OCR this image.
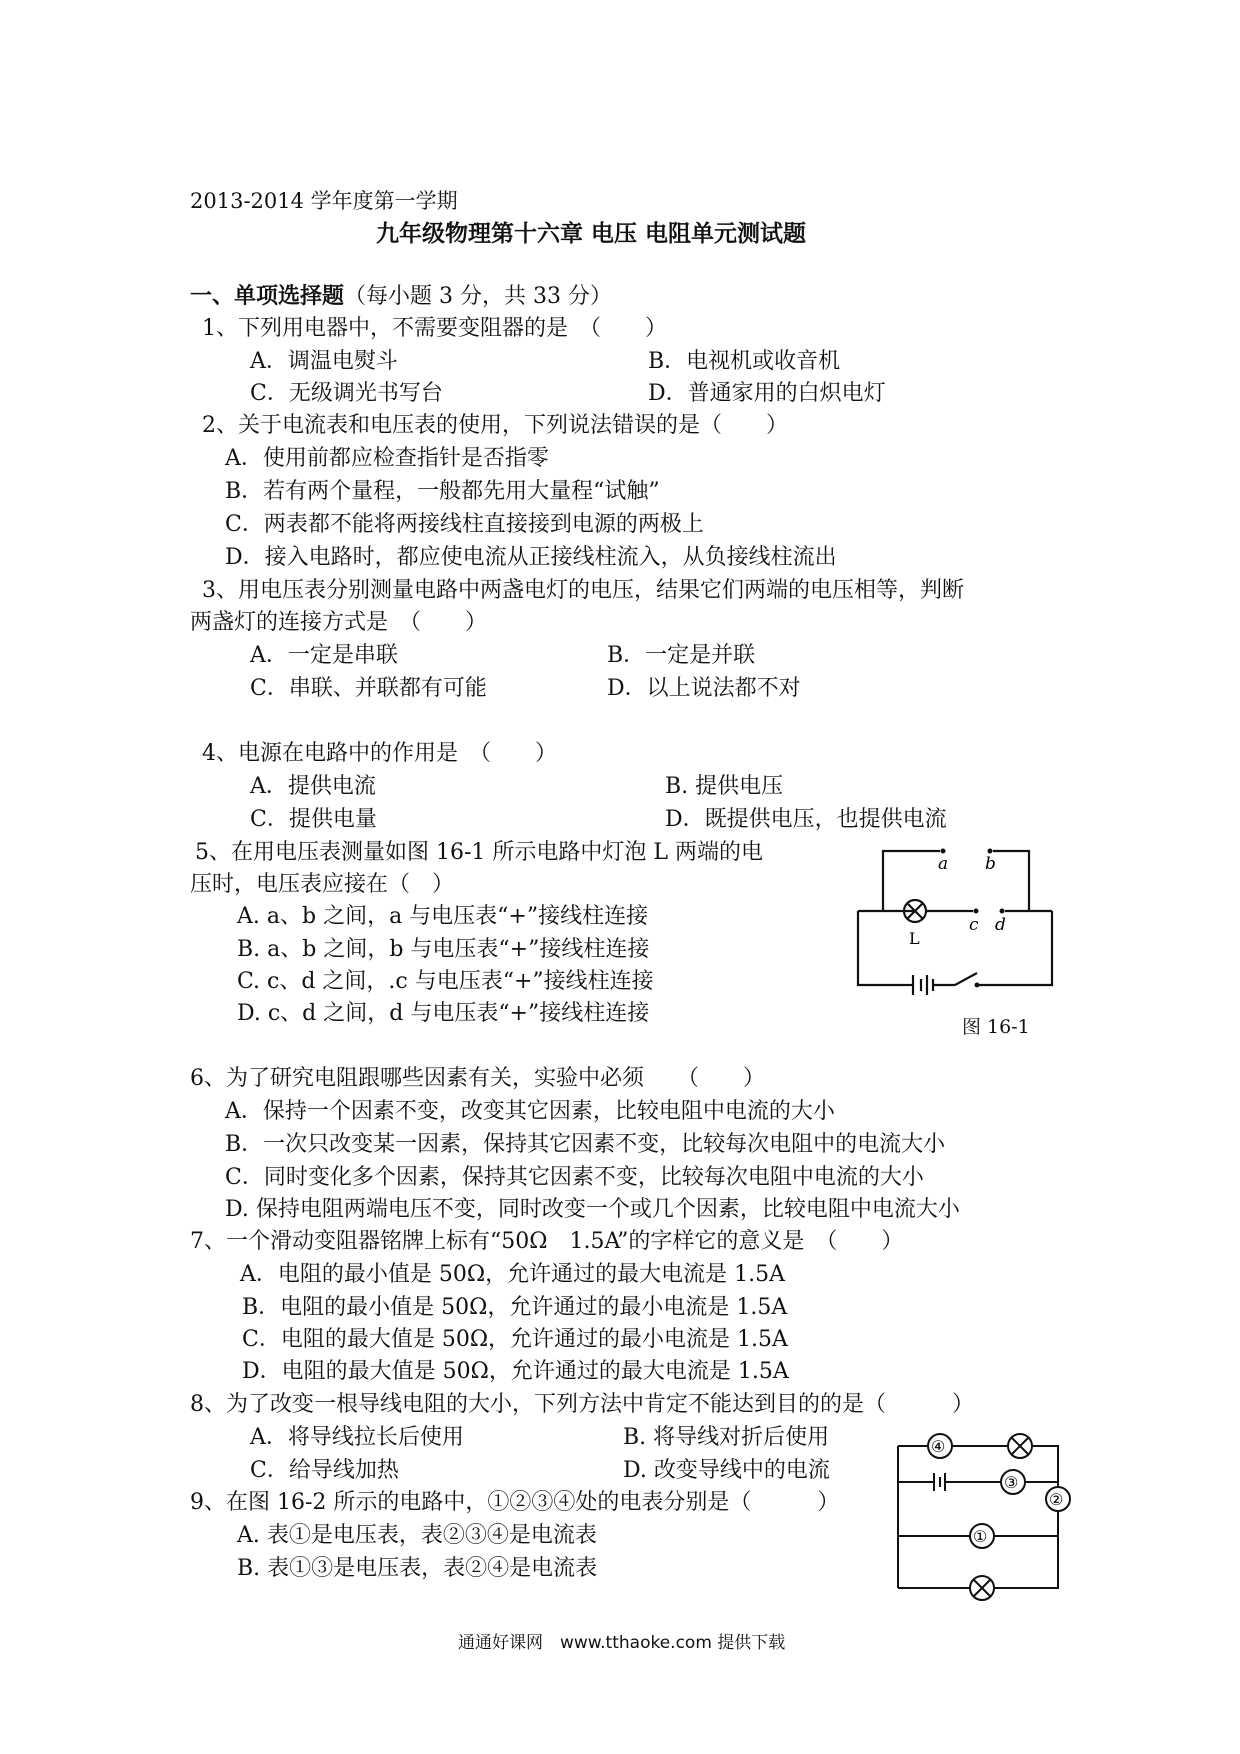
2013-2014 学年度第一学期
九年级物理第十六章 电压 电阻单元测试题
一、单项选择题（每小题 3 分，共 33 分）
1、下列用电器中，不需要变阻器的是　（　　）
A．调温电熨斗	B．电视机或收音机
C．无级调光书写台	D．普通家用的白炽电灯
2、关于电流表和电压表的使用，下列说法错误的是（　　）
A．使用前都应检查指针是否指零
B．若有两个量程，一般都先用大量程“试触”
C．两表都不能将两接线柱直接接到电源的两极上
D．接入电路时，都应使电流从正接线柱流入，从负接线柱流出
3、用电压表分别测量电路中两盏电灯的电压，结果它们两端的电压相等，判断
两盏灯的连接方式是　（　　）
A．一定是串联	B．一定是并联
C．串联、并联都有可能	D．以上说法都不对
4、电源在电路中的作用是　（　　）
A．提供电流	B. 提供电压
C．提供电量	D．既提供电压，也提供电流
5、在用电压表测量如图 16-1 所示电路中灯泡 L 两端的电
压时，电压表应接在（　）
A. a、b 之间，a 与电压表“+”接线柱连接
B. a、b 之间，b 与电压表“+”接线柱连接
C. c、d 之间，.c 与电压表“+”接线柱连接
D. c、d 之间，d 与电压表“+”接线柱连接
a b
c d
L
图 16-1
6、为了研究电阻跟哪些因素有关，实验中必须　　（　　）
A．保持一个因素不变，改变其它因素，比较电阻中电流的大小
B．一次只改变某一因素，保持其它因素不变，比较每次电阻中的电流大小
C．同时变化多个因素，保持其它因素不变，比较每次电阻中电流的大小
D. 保持电阻两端电压不变，同时改变一个或几个因素，比较电阻中电流大小
7、一个滑动变阻器铭牌上标有“50Ω　1.5A”的字样它的意义是　（　　）
A．电阻的最小值是 50Ω，允许通过的最大电流是 1.5A
B．电阻的最小值是 50Ω，允许通过的最小电流是 1.5A
C．电阻的最大值是 50Ω，允许通过的最小电流是 1.5A
D．电阻的最大值是 50Ω，允许通过的最大电流是 1.5A
8、为了改变一根导线电阻的大小，下列方法中肯定不能达到目的的是（　　　）
A．将导线拉长后使用	B. 将导线对折后使用
C．给导线加热	D. 改变导线中的电流
9、在图 16-2 所示的电路中，①②③④处的电表分别是（　　　）
A. 表①是电压表，表②③④是电流表
B. 表①③是电压表，表②④是电流表
④
③
②
①
通通好课网　www.tthaoke.com 提供下载
